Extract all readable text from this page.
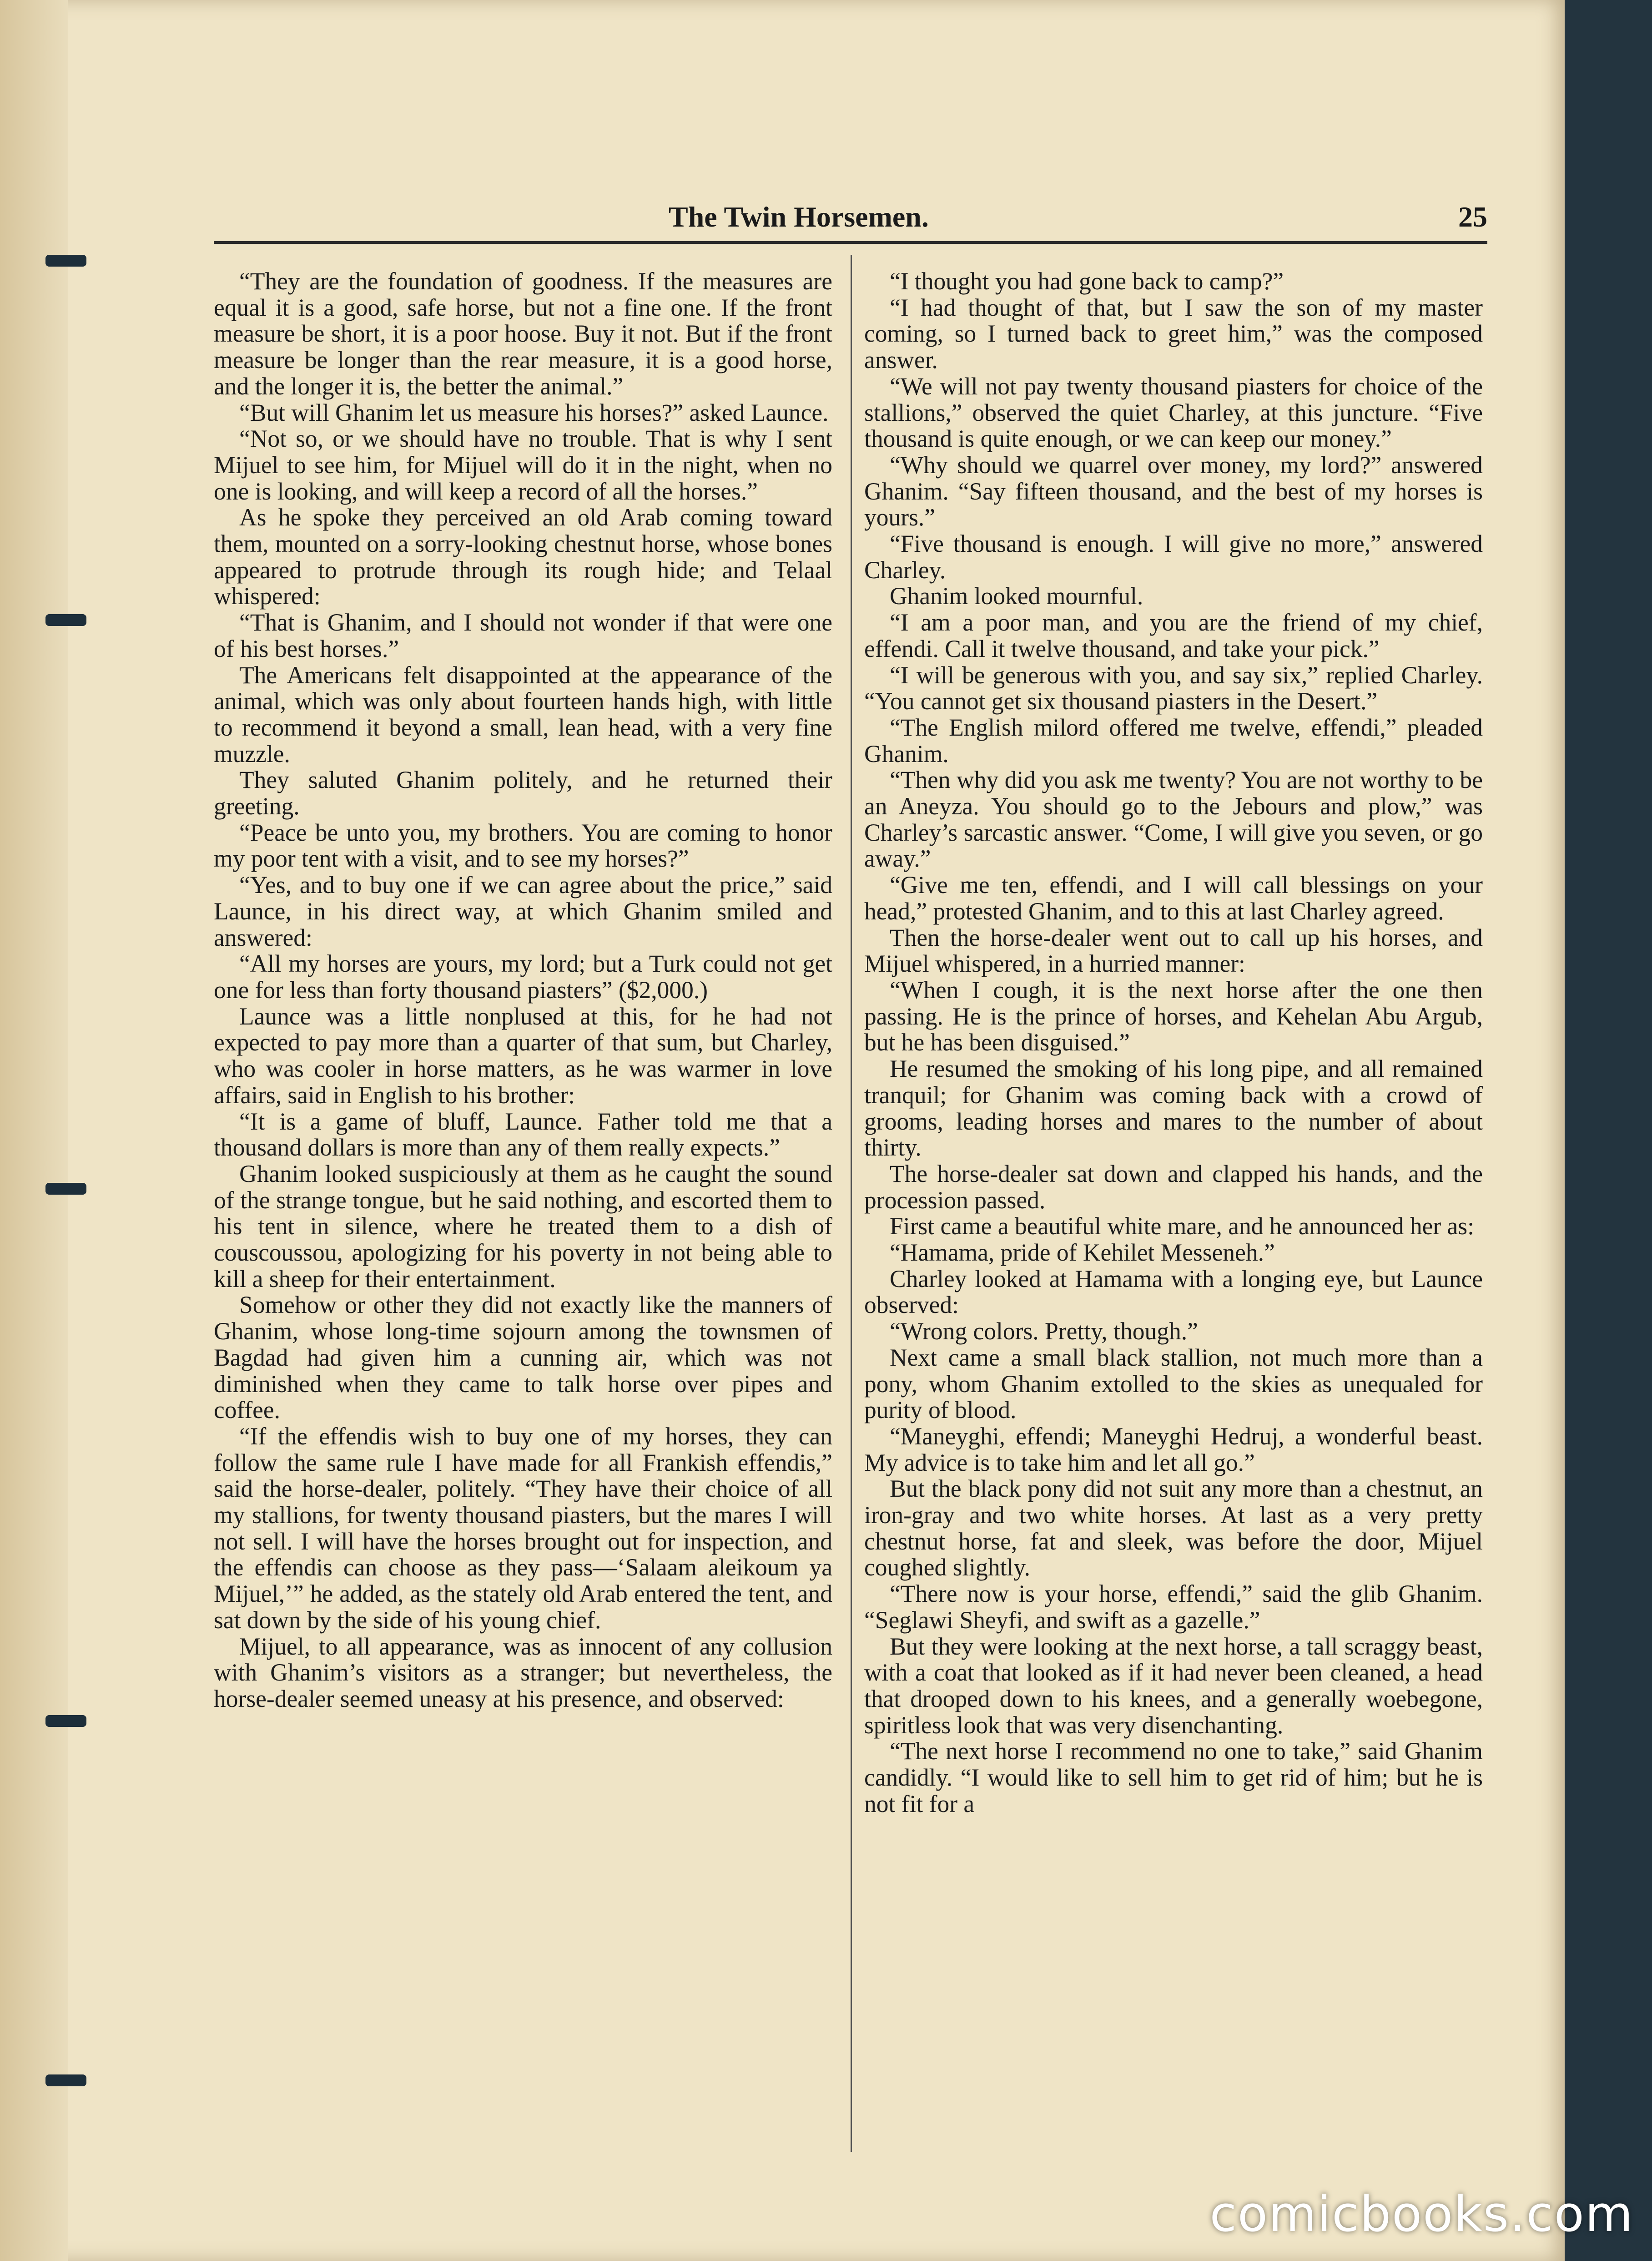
The Twin Horsemen.	25

“They are the foundation of goodness. If the measures are equal it is a good, safe horse, but not a fine one. If the front measure be short, it is a poor hoose. Buy it not. But if the front measure be longer than the rear measure, it is a good horse, and the longer it is, the better the animal.”

“But will Ghanim let us measure his horses?” asked Launce.

“Not so, or we should have no trouble. That is why I sent Mijuel to see him, for Mijuel will do it in the night, when no one is looking, and will keep a record of all the horses.”

As he spoke they perceived an old Arab coming toward them, mounted on a sorry-looking chestnut horse, whose bones appeared to protrude through its rough hide; and Telaal whispered:

“That is Ghanim, and I should not wonder if that were one of his best horses.”

The Americans felt disappointed at the appearance of the animal, which was only about fourteen hands high, with little to recommend it beyond a small, lean head, with a very fine muzzle.

They saluted Ghanim politely, and he returned their greeting.

“Peace be unto you, my brothers. You are coming to honor my poor tent with a visit, and to see my horses?”

“Yes, and to buy one if we can agree about the price,” said Launce, in his direct way, at which Ghanim smiled and answered:

“All my horses are yours, my lord; but a Turk could not get one for less than forty thousand piasters” ($2,000.)

Launce was a little nonplused at this, for he had not expected to pay more than a quarter of that sum, but Charley, who was cooler in horse matters, as he was warmer in love affairs, said in English to his brother:

“It is a game of bluff, Launce. Father told me that a thousand dollars is more than any of them really expects.”

Ghanim looked suspiciously at them as he caught the sound of the strange tongue, but he said nothing, and escorted them to his tent in silence, where he treated them to a dish of couscoussou, apologizing for his poverty in not being able to kill a sheep for their entertainment.

Somehow or other they did not exactly like the manners of Ghanim, whose long-time sojourn among the townsmen of Bagdad had given him a cunning air, which was not diminished when they came to talk horse over pipes and coffee.

“If the effendis wish to buy one of my horses, they can follow the same rule I have made for all Frankish effendis,” said the horse-dealer, politely. “They have their choice of all my stallions, for twenty thousand piasters, but the mares I will not sell. I will have the horses brought out for inspection, and the effendis can choose as they pass—‘Salaam aleikoum ya Mijuel,’” he added, as the stately old Arab entered the tent, and sat down by the side of his young chief.

Mijuel, to all appearance, was as innocent of any collusion with Ghanim’s visitors as a stranger; but nevertheless, the horse-dealer seemed uneasy at his presence, and observed:

“I thought you had gone back to camp?”

“I had thought of that, but I saw the son of my master coming, so I turned back to greet him,” was the composed answer.

“We will not pay twenty thousand piasters for choice of the stallions,” observed the quiet Charley, at this juncture. “Five thousand is quite enough, or we can keep our money.”

“Why should we quarrel over money, my lord?” answered Ghanim. “Say fifteen thousand, and the best of my horses is yours.”

“Five thousand is enough. I will give no more,” answered Charley.

Ghanim looked mournful.

“I am a poor man, and you are the friend of my chief, effendi. Call it twelve thousand, and take your pick.”

“I will be generous with you, and say six,” replied Charley. “You cannot get six thousand piasters in the Desert.”

“The English milord offered me twelve, effendi,” pleaded Ghanim.

“Then why did you ask me twenty? You are not worthy to be an Aneyza. You should go to the Jebours and plow,” was Charley’s sarcastic answer. “Come, I will give you seven, or go away.”

“Give me ten, effendi, and I will call blessings on your head,” protested Ghanim, and to this at last Charley agreed.

Then the horse-dealer went out to call up his horses, and Mijuel whispered, in a hurried manner:

“When I cough, it is the next horse after the one then passing. He is the prince of horses, and Kehelan Abu Argub, but he has been disguised.”

He resumed the smoking of his long pipe, and all remained tranquil; for Ghanim was coming back with a crowd of grooms, leading horses and mares to the number of about thirty.

The horse-dealer sat down and clapped his hands, and the procession passed.

First came a beautiful white mare, and he announced her as:

“Hamama, pride of Kehilet Messeneh.”

Charley looked at Hamama with a longing eye, but Launce observed:

“Wrong colors. Pretty, though.”

Next came a small black stallion, not much more than a pony, whom Ghanim extolled to the skies as unequaled for purity of blood.

“Maneyghi, effendi; Maneyghi Hedruj, a wonderful beast. My advice is to take him and let all go.”

But the black pony did not suit any more than a chestnut, an iron-gray and two white horses. At last as a very pretty chestnut horse, fat and sleek, was before the door, Mijuel coughed slightly.

“There now is your horse, effendi,” said the glib Ghanim. “Seglawi Sheyfi, and swift as a gazelle.”

But they were looking at the next horse, a tall scraggy beast, with a coat that looked as if it had never been cleaned, a head that drooped down to his knees, and a generally woebegone, spiritless look that was very disenchanting.

“The next horse I recommend no one to take,” said Ghanim candidly. “I would like to sell him to get rid of him; but he is not fit for a

comicbooks.com
